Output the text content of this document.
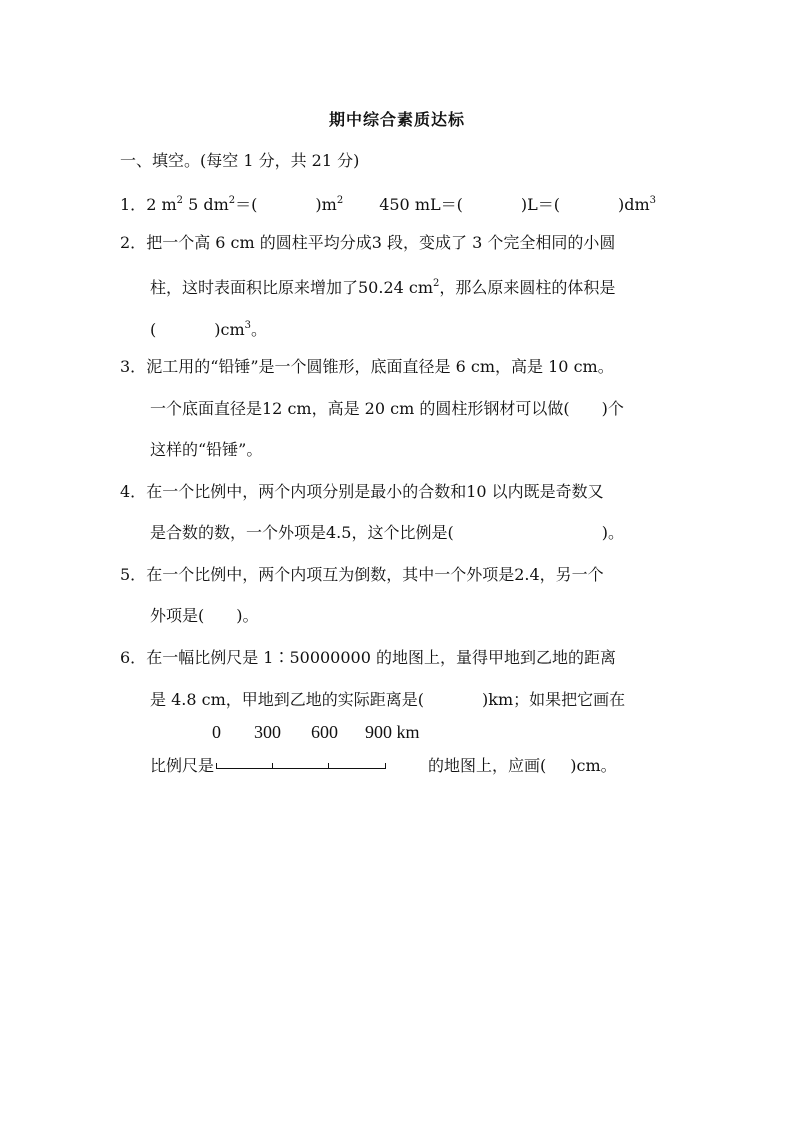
期中综合素质达标
一、填空。(每空 1 分，共 21 分)
1．2 $m^2$ 5 $dm^2=$(	)$m^2$ 450 mL＝(	)L＝(	)$dm^3$
2．把一个高 6 cm 的圆柱平均分成3 段，变成了 3 个完全相同的小圆
柱，这时表面积比原来增加了50.24 $cm^2$，那么原来圆柱的体积是
(	)$cm^3$。
3．泥工用的“铅锤”是一个圆锥形，底面直径是 6 cm，高是 10 cm。
一个底面直径是12 cm，高是 20 cm 的圆柱形钢材可以做(　　)个
这样的“铅锤”。
4．在一个比例中，两个内项分别是最小的合数和10 以内既是奇数又
是合数的数，一个外项是4.5，这个比例是(	)。
5．在一个比例中，两个内项互为倒数，其中一个外项是2.4，另一个
外项是(　　)。
6．在一幅比例尺是 1∶50000000 的地图上，量得甲地到乙地的距离
是 4.8 cm，甲地到乙地的实际距离是(	)km；如果把它画在
比例尺是
0 300 600 900 km
的地图上，应画( )cm。
